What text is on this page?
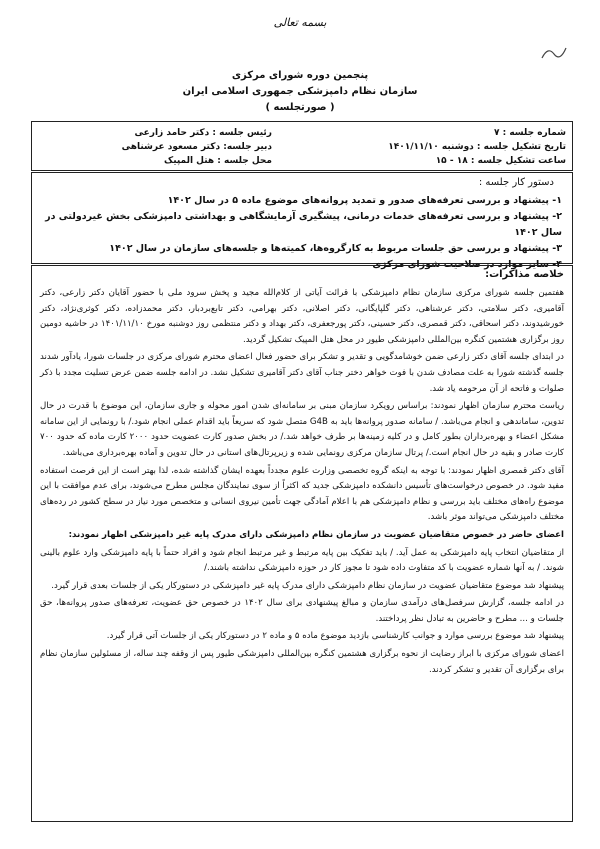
بسمه تعالی
پنجمین دوره شورای مرکزی
سازمان نظام دامپزشکی جمهوری اسلامی ایران
( صورتجلسه )
شماره جلسه : ۷
تاریخ تشکیل جلسه : دوشنبه ۱۴۰۱/۱۱/۱۰
ساعت تشکیل جلسه : ۱۸ - ۱۵
رئیس جلسه : دکتر حامد زارعی
دبیر جلسه: دکتر مسعود عرشناهی
محل جلسه : هتل المپیک
دستور کار جلسه :
۱- پیشنهاد و بررسی تعرفه‌های صدور و تمدید پروانه‌های موضوع ماده ۵ در سال ۱۴۰۲
۲- پیشنهاد و بررسی تعرفه‌های خدمات درمانی، پیشگیری آزمایشگاهی و بهداشتی دامپزشکی بخش غیردولتی در سال ۱۴۰۲
۳- پیشنهاد و بررسی حق جلسات مربوط به کارگروه‌ها، کمیته‌ها و جلسه‌های سازمان در سال ۱۴۰۲
۴- سایر موارد در صلاحیت شورای مرکزی
خلاصه مذاکرات:

هفتمین جلسه شورای مرکزی سازمان نظام دامپزشکی با قرائت آیاتی از کلام‌الله مجید و پخش سرود ملی با حضور آقایان دکتر زارعی، دکتر آقامیری، دکتر سلامتی، دکتر عرشناهی، دکتر گلپایگانی، دکتر اصلانی، دکتر بهرامی، دکتر تابع‌بردبار، دکتر محمدزاده، دکتر کوثری‌نژاد، دکتر خورشیدوند، دکتر اسحاقی، دکتر قمصری، دکتر حسینی، دکتر پورجعفری، دکتر بهداد و دکتر منتظمی روز دوشنبه مورخ ۱۴۰۱/۱۱/۱۰ در حاشیه دومین روز برگزاری هشتمین کنگره بین‌المللی دامپزشکی طیور در محل هتل المپیک تشکیل گردید.

در ابتدای جلسه آقای دکتر زارعی ضمن خوشامدگویی و تقدیر و تشکر برای حضور فعال اعضای محترم شورای مرکزی در جلسات شورا، یادآور شدند جلسه گذشته شورا به علت مصادف شدن با فوت خواهر دختر جناب آقای دکتر آقامیری تشکیل نشد. در ادامه جلسه ضمن عرض تسلیت مجدد با ذکر صلوات و فاتحه از آن مرحومه یاد شد.

ریاست محترم سازمان اظهار نمودند: براساس رویکرد سازمان مبنی بر سامانه‌ای شدن امور محوله و جاری سازمان، این موضوع با قدرت در حال تدوین، ساماندهی و انجام می‌باشد. / سامانه صدور پروانه‌ها باید به G4B متصل شود که سریعاً باید اقدام عملی انجام شود./ با رونمایی از این سامانه مشکل اعضاء و بهره‌برداران بطور کامل و در کلیه زمینه‌ها بر طرف خواهد شد./ در بخش صدور کارت عضویت حدود ۲۰۰۰ کارت ماده که حدود ۷۰۰ کارت صادر و بقیه در حال انجام است./ پرتال سازمان مرکزی رونمایی شده و زیرپرتال‌های استانی در حال تدوین و آماده بهره‌برداری می‌باشد.

آقای دکتر قمصری اظهار نمودند: با توجه به اینکه گروه تخصصی وزارت علوم مجدداً بعهده ایشان گذاشته شده، لذا بهتر است از این فرصت استفاده مفید شود. در خصوص درخواست‌های تأسیس دانشکده دامپزشکی جدید که اکثراً از سوی نمایندگان مجلس مطرح می‌شوند، برای عدم موافقت با این موضوع راه‌های مختلف باید بررسی و نظام دامپزشکی هم با اعلام آمادگی جهت تأمین نیروی انسانی و متخصص مورد نیاز در سطح کشور در رده‌های مختلف دامپزشکی می‌تواند موثر باشد.

اعضای حاضر در خصوص متقاضیان عضویت در سازمان نظام دامپزشکی دارای مدرک پایه غیر دامپزشکی اظهار نمودند:

از متقاضیان انتخاب پایه دامپزشکی به عمل آید. / باید تفکیک بین پایه مرتبط و غیر مرتبط انجام شود و افراد حتماً با پایه دامپزشکی وارد علوم بالینی شوند. / به آنها شماره عضویت با کد متفاوت داده شود تا مجوز کار در حوزه دامپزشکی نداشته باشند./

پیشنهاد شد موضوع متقاضیان عضویت در سازمان نظام دامپزشکی دارای مدرک پایه غیر دامپزشکی در دستورکار یکی از جلسات بعدی قرار گیرد.

در ادامه جلسه، گزارش سرفصل‌های درآمدی سازمان و مبالغ پیشنهادی برای سال ۱۴۰۲ در خصوص حق عضویت، تعرفه‌های صدور پروانه‌ها، حق جلسات و ... مطرح و حاضرین به تبادل نظر پرداختند.

پیشنهاد شد موضوع بررسی موارد و جوانب کارشناسی بازدید موضوع ماده ۵ و ماده ۲ در دستورکار یکی از جلسات آتی قرار گیرد.

اعضای شورای مرکزی با ابراز رضایت از نحوه برگزاری هشتمین کنگره بین‌المللی دامپزشکی طیور پس از وقفه چند ساله، از مسئولین سازمان نظام برای برگزاری آن تقدیر و تشکر کردند.
